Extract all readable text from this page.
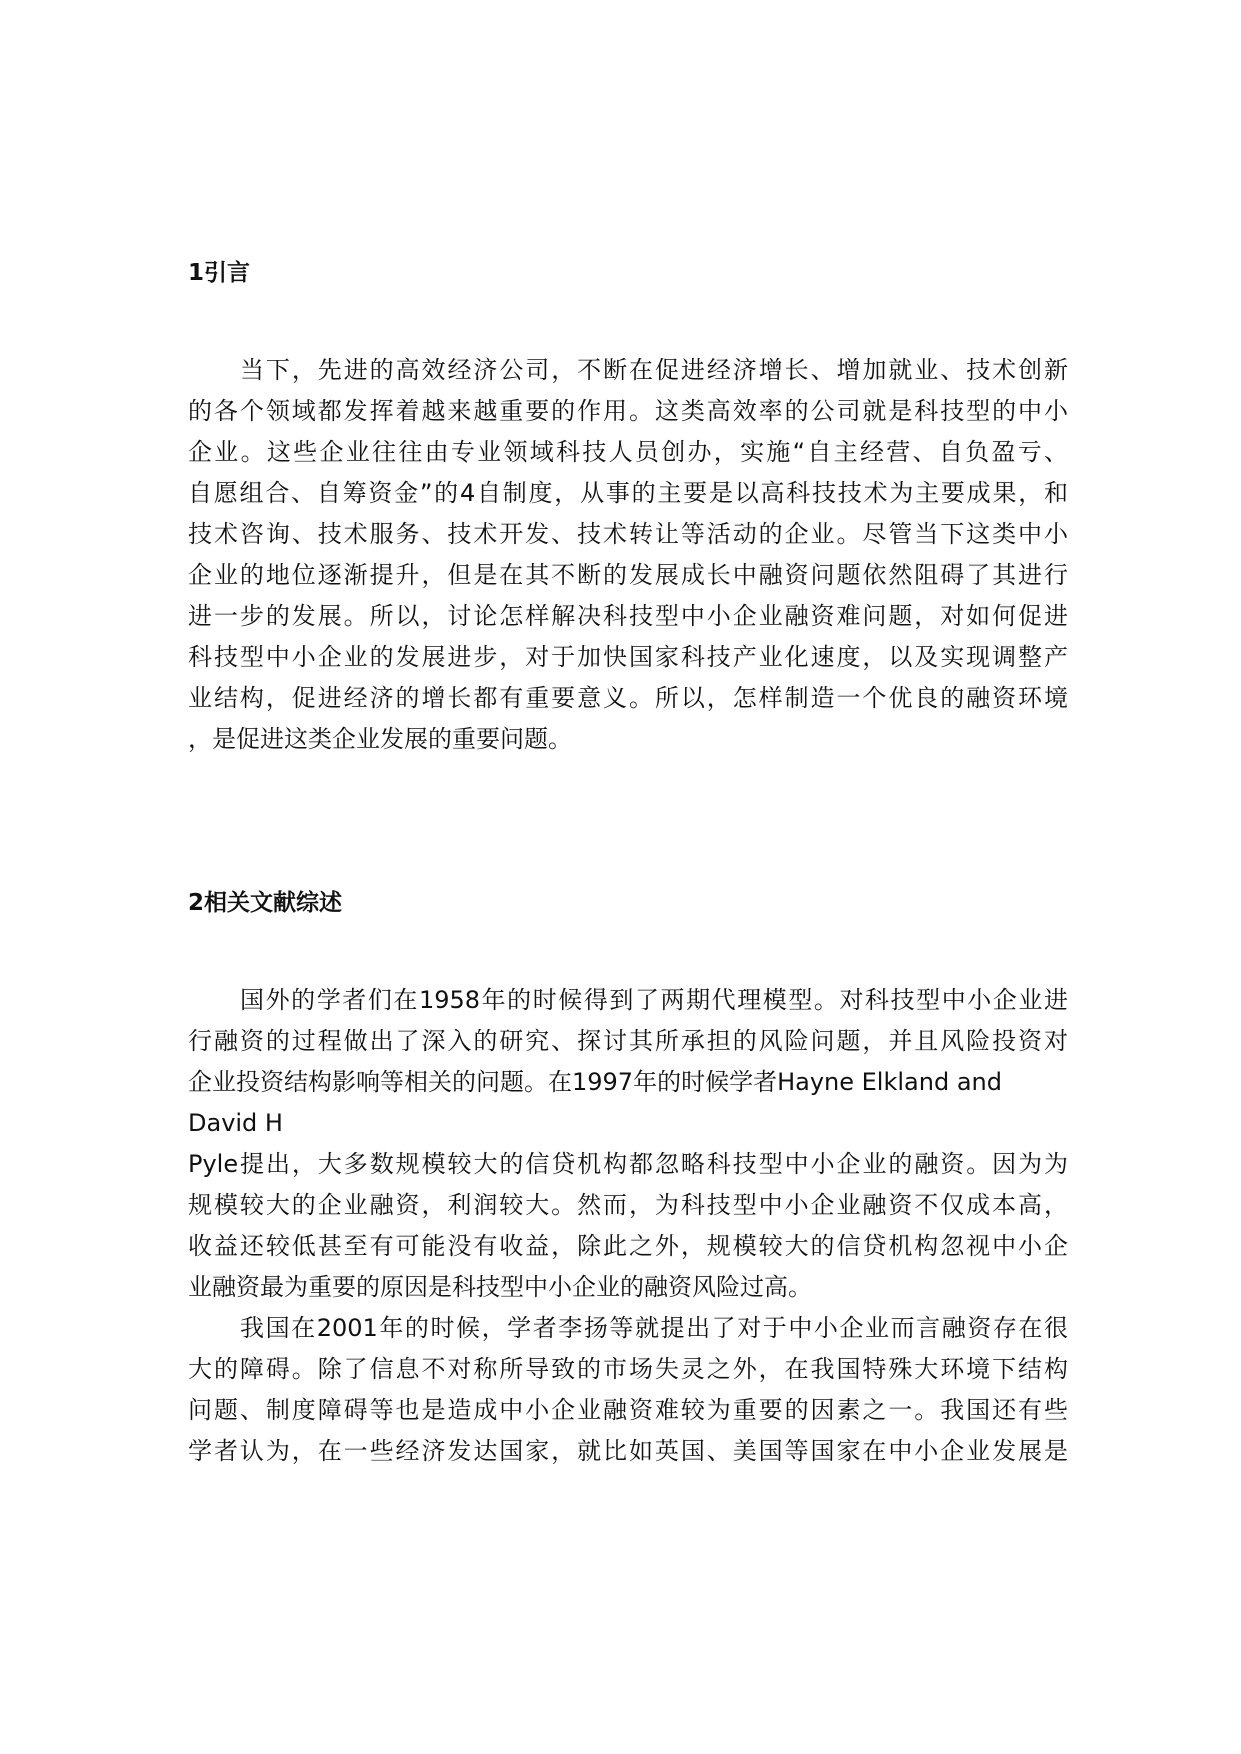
1引言
当下，先进的高效经济公司，不断在促进经济增长、增加就业、技术创新
的各个领域都发挥着越来越重要的作用。这类高效率的公司就是科技型的中小
企业。这些企业往往由专业领域科技人员创办，实施“自主经营、自负盈亏、
自愿组合、自筹资金”的4自制度，从事的主要是以高科技技术为主要成果，和
技术咨询、技术服务、技术开发、技术转让等活动的企业。尽管当下这类中小
企业的地位逐渐提升，但是在其不断的发展成长中融资问题依然阻碍了其进行
进一步的发展。所以，讨论怎样解决科技型中小企业融资难问题，对如何促进
科技型中小企业的发展进步，对于加快国家科技产业化速度，以及实现调整产
业结构，促进经济的增长都有重要意义。所以，怎样制造一个优良的融资环境
，是促进这类企业发展的重要问题。
2相关文献综述
国外的学者们在1958年的时候得到了两期代理模型。对科技型中小企业进
行融资的过程做出了深入的研究、探讨其所承担的风险问题，并且风险投资对
企业投资结构影响等相关的问题。在1997年的时候学者Hayne Elkland and
David H
Pyle提出，大多数规模较大的信贷机构都忽略科技型中小企业的融资。因为为
规模较大的企业融资，利润较大。然而，为科技型中小企业融资不仅成本高，
收益还较低甚至有可能没有收益，除此之外，规模较大的信贷机构忽视中小企
业融资最为重要的原因是科技型中小企业的融资风险过高。
我国在2001年的时候，学者李扬等就提出了对于中小企业而言融资存在很
大的障碍。除了信息不对称所导致的市场失灵之外，在我国特殊大环境下结构
问题、制度障碍等也是造成中小企业融资难较为重要的因素之一。我国还有些
学者认为，在一些经济发达国家，就比如英国、美国等国家在中小企业发展是
